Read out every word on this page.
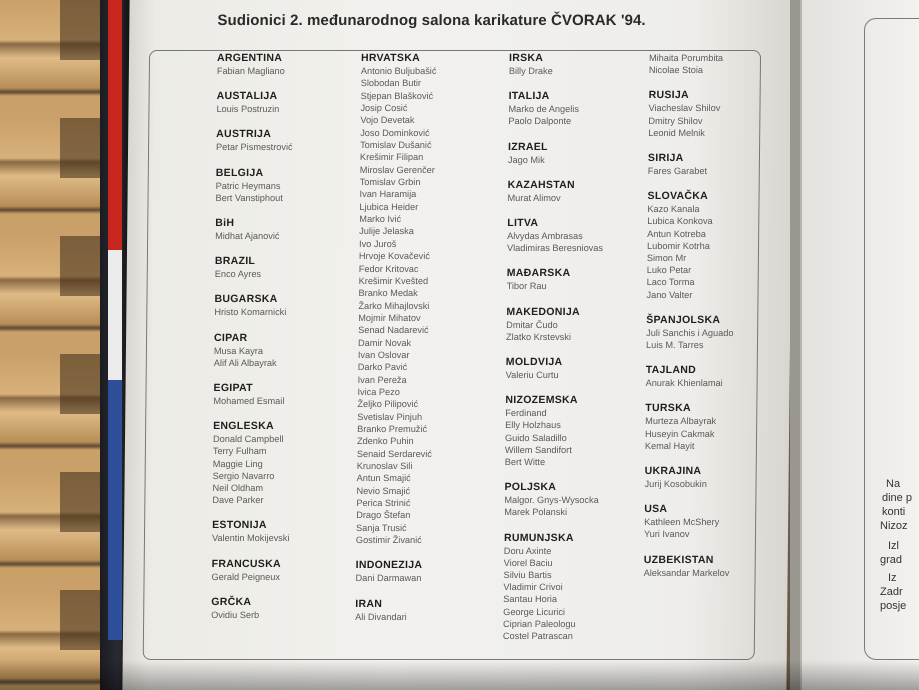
Sudionici 2. međunarodnog salona karikature ČVORAK '94.
ARGENTINA
Fabian Magliano
AUSTALIJA
Louis Postruzin
AUSTRIJA
Petar Pismestrović
BELGIJA
Patric Heymans
Bert Vanstiphout
BiH
Midhat Ajanović
BRAZIL
Enco Ayres
BUGARSKA
Hristo Komarnicki
CIPAR
Musa Kayra
Alif Ali Albayrak
EGIPAT
Mohamed Esmail
ENGLESKA
Donald Campbell
Terry Fulham
Maggie Ling
Sergio Navarro
Neil Oldham
Dave Parker
ESTONIJA
Valentin Mokijevski
FRANCUSKA
Gerald Peigneux
GRČKA
Ovidiu Serb
HRVATSKA
Antonio Buljubašić
Slobodan Butir
Stjepan Blašković
Josip Cosić
Vojo Devetak
Joso Dominković
Tomislav Dušanić
Krešimir Filipan
Miroslav Gerenčer
Tomislav Grbin
Ivan Haramija
Ljubica Heider
Marko Ivić
Julije Jelaska
Ivo Juroš
Hrvoje Kovačević
Fedor Kritovac
Krešimir Kvešted
Branko Medak
Žarko Mihajlovski
Mojmir Mihatov
Senad Nadarević
Damir Novak
Ivan Oslovar
Darko Pavić
Ivan Pereža
Ivica Pezo
Željko Pilipović
Svetislav Pinjuh
Branko Premužić
Zdenko Puhin
Senaid Serdarević
Krunoslav Sili
Antun Smajić
Nevio Smajić
Perica Strinić
Drago Štefan
Sanja Trusić
Gostimir Živanić
INDONEZIJA
Dani Darmawan
IRAN
Ali Divandari
IRSKA
Billy Drake
ITALIJA
Marko de Angelis
Paolo Dalponte
IZRAEL
Jago Mik
KAZAHSTAN
Murat Alimov
LITVA
Alvydas Ambrasas
Vladimiras Beresniovas
MAĐARSKA
Tibor Rau
MAKEDONIJA
Dmitar Čudo
Zlatko Krstevski
MOLDVIJA
Valeriu Curtu
NIZOZEMSKA
Ferdinand
Elly Holzhaus
Guido Saladillo
Willem Sandifort
Bert Witte
POLJSKA
Malgor. Gnys-Wysocka
Marek Polanski
RUMUNJSKA
Doru Axinte
Viorel Baciu
Silviu Bartis
Vladimir Crivoi
Santau Horia
George Licurici
Ciprian Paleologu
Costel Patrascan
Mihaita Porumbita
Nicolae Stoia
RUSIJA
Viacheslav Shilov
Dmitry Shilov
Leonid Melnik
SIRIJA
Fares Garabet
SLOVAČKA
Kazo Kanala
Lubica Konkova
Antun Kotreba
Lubomir Kotrha
Simon Mr
Luko Petar
Laco Torma
Jano Valter
ŠPANJOLSKA
Juli Sanchis i Aguado
Luis M. Tarres
TAJLAND
Anurak Khienlamai
TURSKA
Murteza Albayrak
Huseyin Cakmak
Kemal Hayit
UKRAJINA
Jurij Kosobukin
USA
Kathleen McShery
Yuri Ivanov
UZBEKISTAN
Aleksandar Markelov
Na
dine p
konti
Nizoz
Izl
grad
Iz
Zadr
posje
